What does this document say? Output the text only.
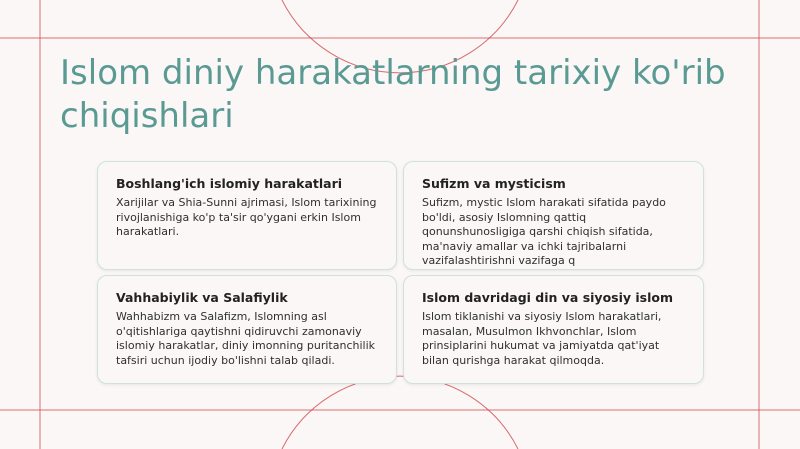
Islom diniy harakatlarning tarixiy ko'rib chiqishlari
Boshlang'ich islomiy harakatlari

Xarijilar va Shia-Sunni ajrimasi, Islom tarixining rivojlanishiga ko'p ta'sir qo'ygani erkin Islom harakatlari.

Sufizm va mysticism

Sufizm, mystic Islom harakati sifatida paydo bo'ldi, asosiy Islomning qattiq qonunshunosligiga qarshi chiqish sifatida, ma'naviy amallar va ichki tajribalarni vazifalashtirishni vazifaga q

Vahhabiylik va Salafiylik

Wahhabizm va Salafizm, Islomning asl o'qitishlariga qaytishni qidiruvchi zamonaviy islomiy harakatlar, diniy imonning puritanchilik tafsiri uchun ijodiy bo'lishni talab qiladi.

Islom davridagi din va siyosiy islom

Islom tiklanishi va siyosiy Islom harakatlari, masalan, Musulmon Ikhvonchlar, Islom prinsiplarini hukumat va jamiyatda qat'iyat bilan qurishga harakat qilmoqda.
